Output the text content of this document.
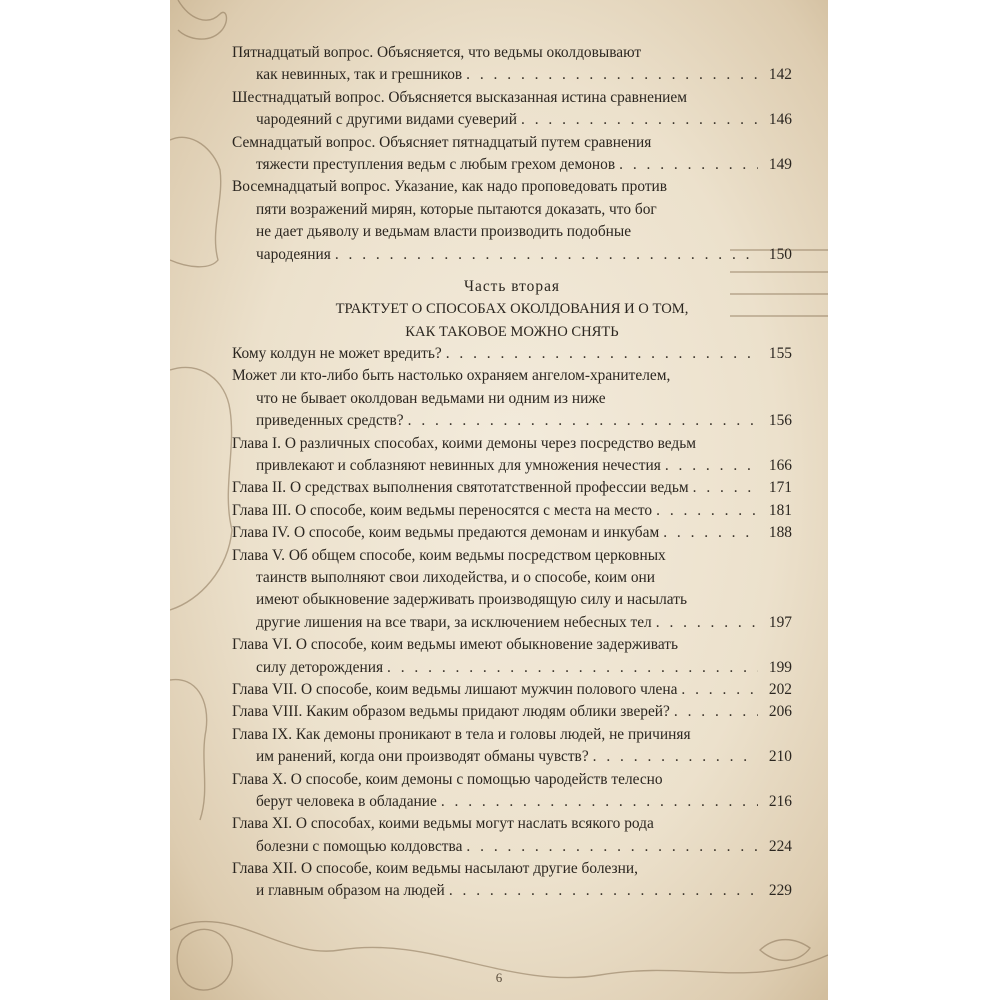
Пятнадцатый вопрос. Объясняется, что ведьмы околдовывают
как невинных, так и грешников . . .	142
Шестнадцатый вопрос. Объясняется высказанная истина сравнением
чародеяний с другими видами суеверий . . .	146
Семнадцатый вопрос. Объясняет пятнадцатый путем сравнения
тяжести преступления ведьм с любым грехом демонов . . .	149
Восемнадцатый вопрос. Указание, как надо проповедовать против
пяти возражений мирян, которые пытаются доказать, что бог
не дает дьяволу и ведьмам власти производить подобные
чародеяния . . .	150
Часть вторая
ТРАКТУЕТ О СПОСОБАХ ОКОЛДОВАНИЯ И О ТОМ,
КАК ТАКОВОЕ МОЖНО СНЯТЬ
Кому колдун не может вредить? . . .	155
Может ли кто-либо быть настолько охраняем ангелом-хранителем,
что не бывает околдован ведьмами ни одним из ниже
приведенных средств? . . .	156
Глава I. О различных способах, коими демоны через посредство ведьм
привлекают и соблазняют невинных для умножения нечестия . . .	166
Глава II. О средствах выполнения святотатственной профессии ведьм . . .	171
Глава III. О способе, коим ведьмы переносятся с места на место . . .	181
Глава IV. О способе, коим ведьмы предаются демонам и инкубам . . .	188
Глава V. Об общем способе, коим ведьмы посредством церковных
таинств выполняют свои лиходейства, и о способе, коим они
имеют обыкновение задерживать производящую силу и насылать
другие лишения на все твари, за исключением небесных тел . . .	197
Глава VI. О способе, коим ведьмы имеют обыкновение задерживать
силу деторождения . . .	199
Глава VII. О способе, коим ведьмы лишают мужчин полового члена . . .	202
Глава VIII. Каким образом ведьмы придают людям облики зверей? . . .	206
Глава IX. Как демоны проникают в тела и головы людей, не причиняя
им ранений, когда они производят обманы чувств? . . .	210
Глава X. О способе, коим демоны с помощью чародейств телесно
берут человека в обладание . . .	216
Глава XI. О способах, коими ведьмы могут наслать всякого рода
болезни с помощью колдовства . . .	224
Глава XII. О способе, коим ведьмы насылают другие болезни,
и главным образом на людей . . .	229
6
